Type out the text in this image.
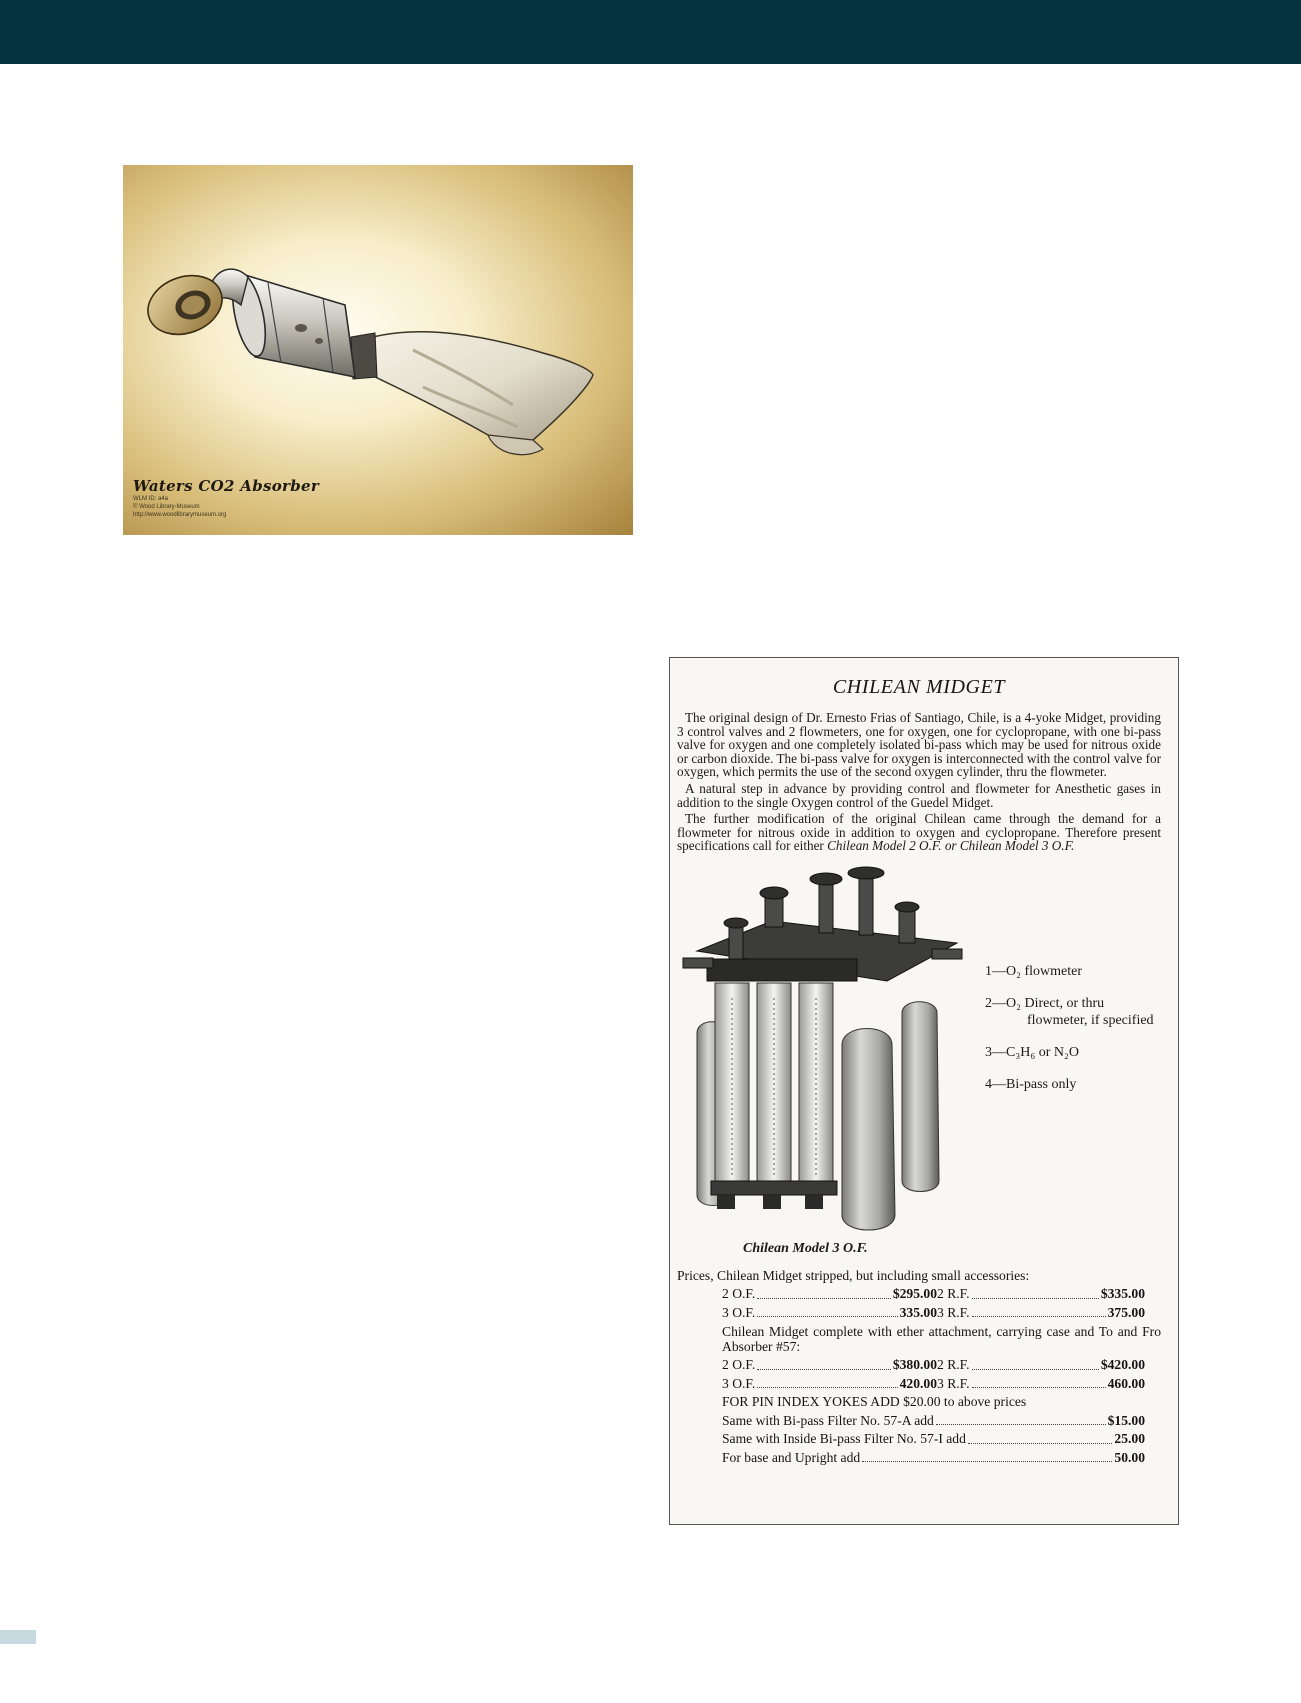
Waters CO2 Absorber
WLM ID: a4a
© Wood Library-Museum
http://www.woodlibrarymuseum.org
CHILEAN MIDGET

The original design of Dr. Ernesto Frias of Santiago, Chile, is a 4-yoke Midget, providing 3 control valves and 2 flowmeters, one for oxygen, one for cyclopropane, with one bi-pass valve for oxygen and one completely isolated bi-pass which may be used for nitrous oxide or carbon dioxide. The bi-pass valve for oxygen is interconnected with the control valve for oxygen, which permits the use of the second oxygen cylinder, thru the flowmeter.

A natural step in advance by providing control and flowmeter for Anesthetic gases in addition to the single Oxygen control of the Guedel Midget.

The further modification of the original Chilean came through the demand for a flowmeter for nitrous oxide in addition to oxygen and cyclopropane. Therefore present specifications call for either Chilean Model 2 O.F. or Chilean Model 3 O.F.

1—O₂ flowmeter
2—O₂ Direct, or thru flowmeter, if specified
3—C₃H₆ or N₂O
4—Bi-pass only
Chilean Model 3 O.F.
Prices, Chilean Midget stripped, but including small accessories:
2 O.F.	$295.00 2 R.F.	$335.00
3 O.F.	335.00 3 R.F.	375.00
Chilean Midget complete with ether attachment, carrying case and To and Fro Absorber #57:
2 O.F.	$380.00 2 R.F.	$420.00
3 O.F.	420.00 3 R.F.	460.00
FOR PIN INDEX YOKES ADD $20.00 to above prices
Same with Bi-pass Filter No. 57-A add	$15.00
Same with Inside Bi-pass Filter No. 57-I add	25.00
For base and Upright add	50.00
